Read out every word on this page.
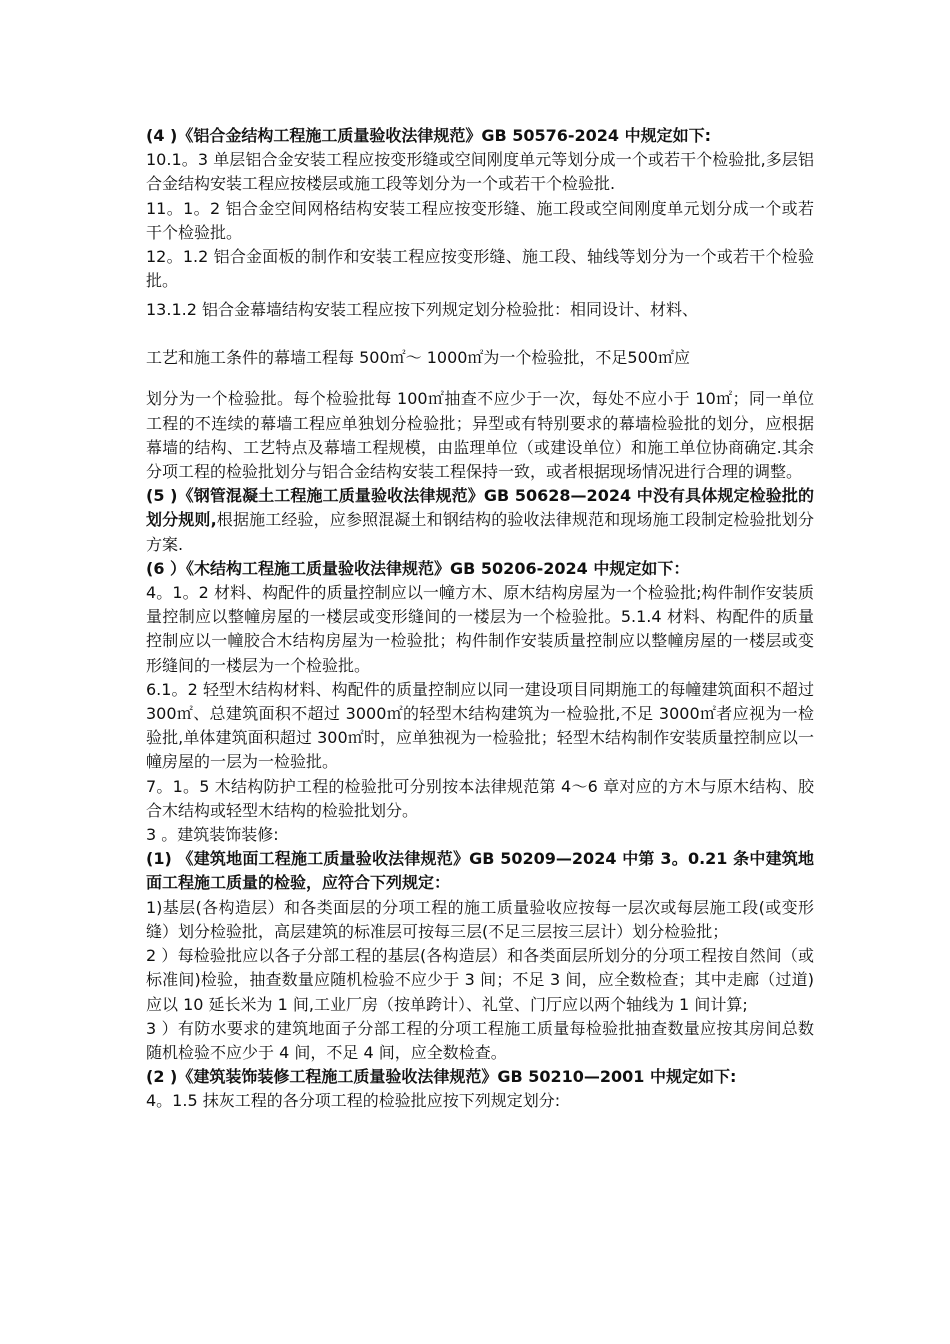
(4 )《铝合金结构工程施工质量验收法律规范》GB 50576-2024 中规定如下:

10.1。3 单层铝合金安装工程应按变形缝或空间刚度单元等划分成一个或若干个检验批,多层铝合金结构安装工程应按楼层或施工段等划分为一个或若干个检验批.

11。1。2 铝合金空间网格结构安装工程应按变形缝、施工段或空间刚度单元划分成一个或若干个检验批。

12。1.2 铝合金面板的制作和安装工程应按变形缝、施工段、轴线等划分为一个或若干个检验批。

13.1.2 铝合金幕墙结构安装工程应按下列规定划分检验批：相同设计、材料、

工艺和施工条件的幕墙工程每 500㎡～ 1000㎡为一个检验批，不足500㎡应

划分为一个检验批。每个检验批每 100㎡抽查不应少于一次，每处不应小于 10㎡；同一单位工程的不连续的幕墙工程应单独划分检验批；异型或有特别要求的幕墙检验批的划分，应根据幕墙的结构、工艺特点及幕墙工程规模，由监理单位（或建设单位）和施工单位协商确定.其余分项工程的检验批划分与铝合金结构安装工程保持一致，或者根据现场情况进行合理的调整。

(5 )《钢管混凝土工程施工质量验收法律规范》GB 50628—2024 中没有具体规定检验批的划分规则,根据施工经验，应参照混凝土和钢结构的验收法律规范和现场施工段制定检验批划分方案.

(6 ）《木结构工程施工质量验收法律规范》GB 50206-2024 中规定如下：

4。1。2 材料、构配件的质量控制应以一幢方木、原木结构房屋为一个检验批;构件制作安装质量控制应以整幢房屋的一楼层或变形缝间的一楼层为一个检验批。5.1.4 材料、构配件的质量控制应以一幢胶合木结构房屋为一检验批；构件制作安装质量控制应以整幢房屋的一楼层或变形缝间的一楼层为一个检验批。

6.1。2 轻型木结构材料、构配件的质量控制应以同一建设项目同期施工的每幢建筑面积不超过 300㎡、总建筑面积不超过 3000㎡的轻型木结构建筑为一检验批,不足 3000㎡者应视为一检验批,单体建筑面积超过 300㎡时，应单独视为一检验批；轻型木结构制作安装质量控制应以一幢房屋的一层为一检验批。

7。1。5 木结构防护工程的检验批可分别按本法律规范第 4～6 章对应的方木与原木结构、胶合木结构或轻型木结构的检验批划分。

3 。建筑装饰装修:

(1) 《建筑地面工程施工质量验收法律规范》GB 50209—2024 中第 3。0.21 条中建筑地面工程施工质量的检验，应符合下列规定：

1)基层(各构造层）和各类面层的分项工程的施工质量验收应按每一层次或每层施工段(或变形缝）划分检验批，高层建筑的标准层可按每三层(不足三层按三层计）划分检验批；

2 ）每检验批应以各子分部工程的基层(各构造层）和各类面层所划分的分项工程按自然间（或标准间)检验，抽查数量应随机检验不应少于 3 间；不足 3 间，应全数检查；其中走廊（过道)应以 10 延长米为 1 间,工业厂房（按单跨计）、礼堂、门厅应以两个轴线为 1 间计算;

3 ）有防水要求的建筑地面子分部工程的分项工程施工质量每检验批抽查数量应按其房间总数随机检验不应少于 4 间，不足 4 间，应全数检查。

(2 )《建筑装饰装修工程施工质量验收法律规范》GB 50210—2001 中规定如下:

4。1.5 抹灰工程的各分项工程的检验批应按下列规定划分:
